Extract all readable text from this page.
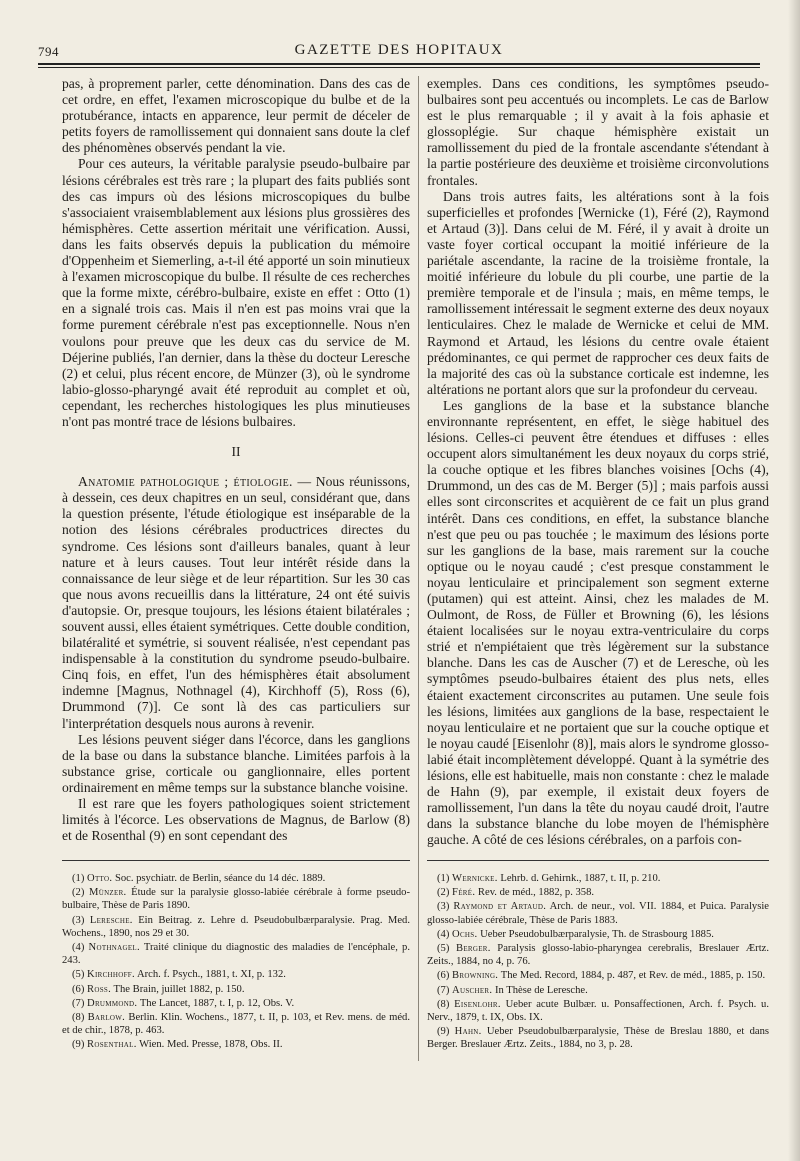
794	GAZETTE DES HOPITAUX

pas, à proprement parler, cette dénomination. Dans des cas de cet ordre, en effet, l'examen microscopique du bulbe et de la protubérance, intacts en apparence, leur permit de déceler de petits foyers de ramollissement qui donnaient sans doute la clef des phénomènes observés pendant la vie.

Pour ces auteurs, la véritable paralysie pseudo-bulbaire par lésions cérébrales est très rare ; la plupart des faits publiés sont des cas impurs où des lésions microscopiques du bulbe s'associaient vraisemblablement aux lésions plus grossières des hémisphères. Cette assertion méritait une vérification. Aussi, dans les faits observés depuis la publication du mémoire d'Oppenheim et Siemerling, a-t-il été apporté un soin minutieux à l'examen microscopique du bulbe. Il résulte de ces recherches que la forme mixte, cérébro-bulbaire, existe en effet : Otto (1) en a signalé trois cas. Mais il n'en est pas moins vrai que la forme purement cérébrale n'est pas exceptionnelle. Nous n'en voulons pour preuve que les deux cas du service de M. Déjerine publiés, l'an dernier, dans la thèse du docteur Leresche (2) et celui, plus récent encore, de Münzer (3), où le syndrome labio-glosso-pharyngé avait été reproduit au complet et où, cependant, les recherches histologiques les plus minutieuses n'ont pas montré trace de lésions bulbaires.

II

Anatomie pathologique ; étiologie. — Nous réunissons, à dessein, ces deux chapitres en un seul, considérant que, dans la question présente, l'étude étiologique est inséparable de la notion des lésions cérébrales productrices directes du syndrome. Ces lésions sont d'ailleurs banales, quant à leur nature et à leurs causes. Tout leur intérêt réside dans la connaissance de leur siège et de leur répartition. Sur les 30 cas que nous avons recueillis dans la littérature, 24 ont été suivis d'autopsie. Or, presque toujours, les lésions étaient bilatérales ; souvent aussi, elles étaient symétriques. Cette double condition, bilatéralité et symétrie, si souvent réalisée, n'est cependant pas indispensable à la constitution du syndrome pseudo-bulbaire. Cinq fois, en effet, l'un des hémisphères était absolument indemne [Magnus, Nothnagel (4), Kirchhoff (5), Ross (6), Drummond (7)]. Ce sont là des cas particuliers sur l'interprétation desquels nous aurons à revenir.

Les lésions peuvent siéger dans l'écorce, dans les ganglions de la base ou dans la substance blanche. Limitées parfois à la substance grise, corticale ou ganglionnaire, elles portent ordinairement en même temps sur la substance blanche voisine.

Il est rare que les foyers pathologiques soient strictement limités à l'écorce. Les observations de Magnus, de Barlow (8) et de Rosenthal (9) en sont cependant des

exemples. Dans ces conditions, les symptômes pseudo-bulbaires sont peu accentués ou incomplets. Le cas de Barlow est le plus remarquable ; il y avait à la fois aphasie et glossoplégie. Sur chaque hémisphère existait un ramollissement du pied de la frontale ascendante s'étendant à la partie postérieure des deuxième et troisième circonvolutions frontales.

Dans trois autres faits, les altérations sont à la fois superficielles et profondes [Wernicke (1), Féré (2), Raymond et Artaud (3)]. Dans celui de M. Féré, il y avait à droite un vaste foyer cortical occupant la moitié inférieure de la pariétale ascendante, la racine de la troisième frontale, la moitié inférieure du lobule du pli courbe, une partie de la première temporale et de l'insula ; mais, en même temps, le ramollissement intéressait le segment externe des deux noyaux lenticulaires. Chez le malade de Wernicke et celui de MM. Raymond et Artaud, les lésions du centre ovale étaient prédominantes, ce qui permet de rapprocher ces deux faits de la majorité des cas où la substance corticale est indemne, les altérations ne portant alors que sur la profondeur du cerveau.

Les ganglions de la base et la substance blanche environnante représentent, en effet, le siège habituel des lésions. Celles-ci peuvent être étendues et diffuses : elles occupent alors simultanément les deux noyaux du corps strié, la couche optique et les fibres blanches voisines [Ochs (4), Drummond, un des cas de M. Berger (5)] ; mais parfois aussi elles sont circonscrites et acquièrent de ce fait un plus grand intérêt. Dans ces conditions, en effet, la substance blanche n'est que peu ou pas touchée ; le maximum des lésions porte sur les ganglions de la base, mais rarement sur la couche optique ou le noyau caudé ; c'est presque constamment le noyau lenticulaire et principalement son segment externe (putamen) qui est atteint. Ainsi, chez les malades de M. Oulmont, de Ross, de Füller et Browning (6), les lésions étaient localisées sur le noyau extra-ventriculaire du corps strié et n'empiétaient que très légèrement sur la substance blanche. Dans les cas de Auscher (7) et de Leresche, où les symptômes pseudo-bulbaires étaient des plus nets, elles étaient exactement circonscrites au putamen. Une seule fois les lésions, limitées aux ganglions de la base, respectaient le noyau lenticulaire et ne portaient que sur la couche optique et le noyau caudé [Eisenlohr (8)], mais alors le syndrome glosso-labié était incomplètement développé. Quant à la symétrie des lésions, elle est habituelle, mais non constante : chez le malade de Hahn (9), par exemple, il existait deux foyers de ramollissement, l'un dans la tête du noyau caudé droit, l'autre dans la substance blanche du lobe moyen de l'hémisphère gauche. A côté de ces lésions cérébrales, on a parfois con-

(1) Otto. Soc. psychiatr. de Berlin, séance du 14 déc. 1889.

(2) Münzer. Étude sur la paralysie glosso-labiée cérébrale à forme pseudo-bulbaire, Thèse de Paris 1890.

(3) Leresche. Ein Beitrag. z. Lehre d. Pseudobulbærparalysie. Prag. Med. Wochens., 1890, nos 29 et 30.

(4) Nothnagel. Traité clinique du diagnostic des maladies de l'encéphale, p. 243.

(5) Kirchhoff. Arch. f. Psych., 1881, t. XI, p. 132.

(6) Ross. The Brain, juillet 1882, p. 150.

(7) Drummond. The Lancet, 1887, t. I, p. 12, Obs. V.

(8) Barlow. Berlin. Klin. Wochens., 1877, t. II, p. 103, et Rev. mens. de méd. et de chir., 1878, p. 463.

(9) Rosenthal. Wien. Med. Presse, 1878, Obs. II.

(1) Wernicke. Lehrb. d. Gehirnk., 1887, t. II, p. 210.

(2) Féré. Rev. de méd., 1882, p. 358.

(3) Raymond et Artaud. Arch. de neur., vol. VII. 1884, et Puica. Paralysie glosso-labiée cérébrale, Thèse de Paris 1883.

(4) Ochs. Ueber Pseudobulbærparalysie, Th. de Strasbourg 1885.

(5) Berger. Paralysis glosso-labio-pharyngea cerebralis, Breslauer Ærtz. Zeits., 1884, no 4, p. 76.

(6) Browning. The Med. Record, 1884, p. 487, et Rev. de méd., 1885, p. 150.

(7) Auscher. In Thèse de Leresche.

(8) Eisenlohr. Ueber acute Bulbær. u. Ponsaffectionen, Arch. f. Psych. u. Nerv., 1879, t. IX, Obs. IX.

(9) Hahn. Ueber Pseudobulbærparalysie, Thèse de Breslau 1880, et dans Berger. Breslauer Ærtz. Zeits., 1884, no 3, p. 28.
